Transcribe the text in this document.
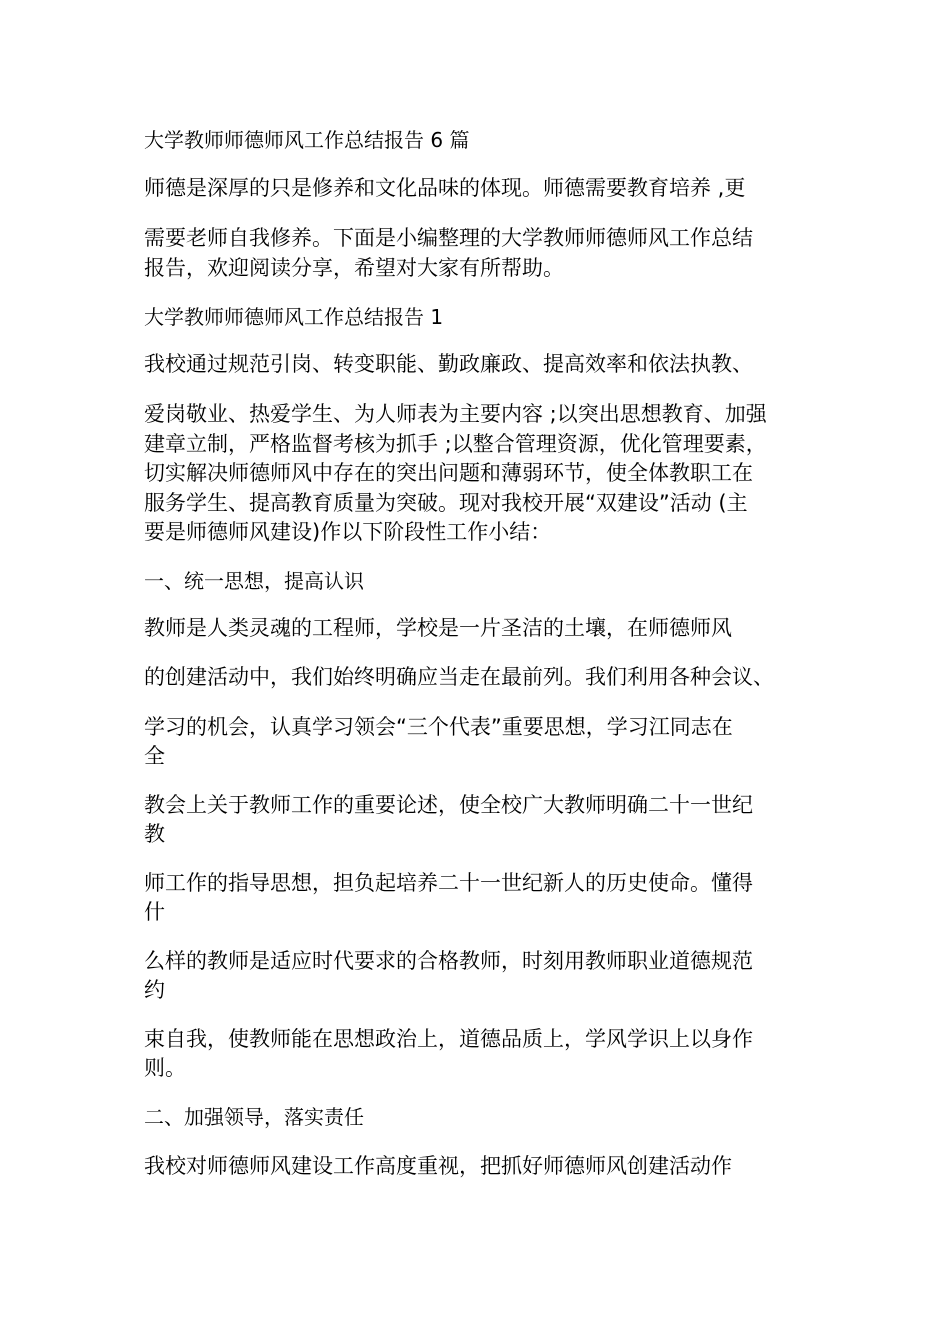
大学教师师德师风工作总结报告 6 篇
师德是深厚的只是修养和文化品味的体现。师德需要教育培养 ,更
需要老师自我修养。下面是小编整理的大学教师师德师风工作总结
报告，欢迎阅读分享，希望对大家有所帮助。
大学教师师德师风工作总结报告 1
我校通过规范引岗、转变职能、勤政廉政、提高效率和依法执教、
爱岗敬业、热爱学生、为人师表为主要内容 ;以突出思想教育、加强
建章立制，严格监督考核为抓手 ;以整合管理资源，优化管理要素，
切实解决师德师风中存在的突出问题和薄弱环节，使全体教职工在
服务学生、提高教育质量为突破。现对我校开展“双建设”活动 (主
要是师德师风建设)作以下阶段性工作小结：
一、统一思想，提高认识
教师是人类灵魂的工程师，学校是一片圣洁的土壤，在师德师风
的创建活动中，我们始终明确应当走在最前列。我们利用各种会议、
学习的机会，认真学习领会“三个代表”重要思想，学习江同志在
全
教会上关于教师工作的重要论述，使全校广大教师明确二十一世纪
教
师工作的指导思想，担负起培养二十一世纪新人的历史使命。懂得
什
么样的教师是适应时代要求的合格教师，时刻用教师职业道德规范
约
束自我，使教师能在思想政治上，道德品质上，学风学识上以身作
则。
二、加强领导，落实责任
我校对师德师风建设工作高度重视，把抓好师德师风创建活动作
